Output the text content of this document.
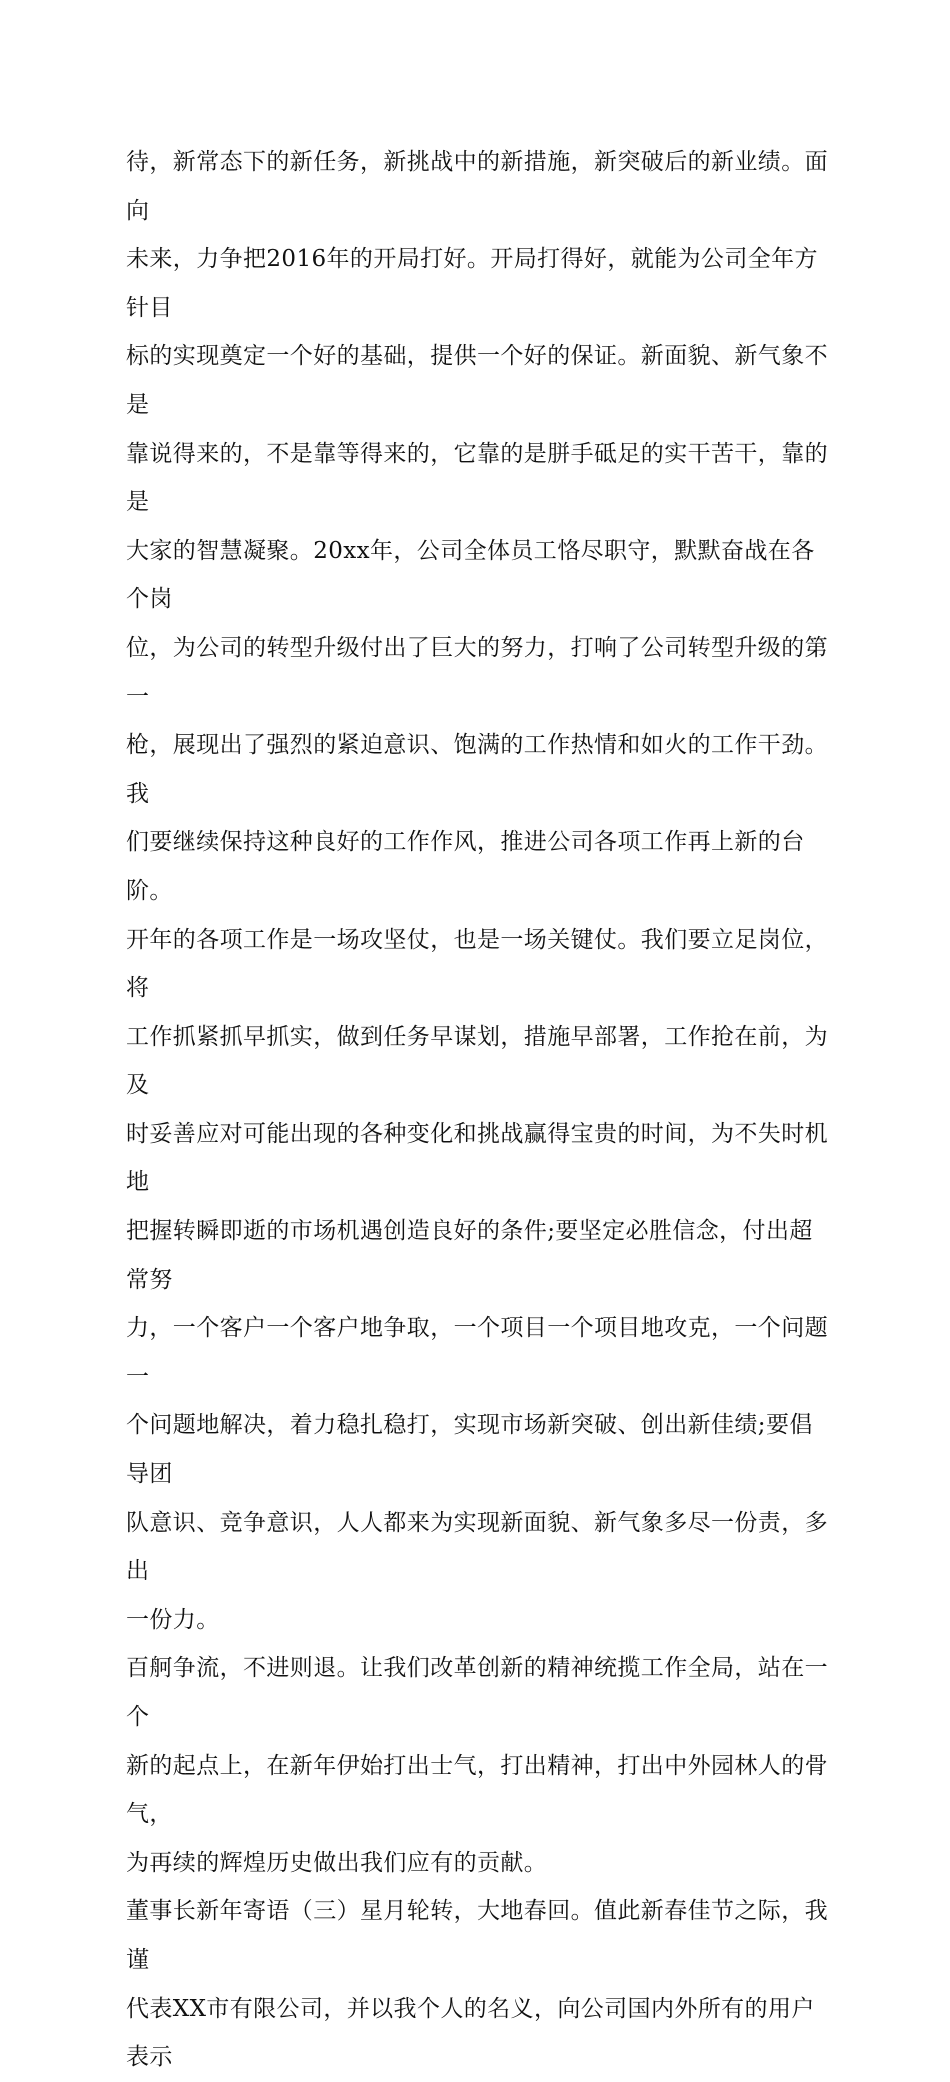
待，新常态下的新任务，新挑战中的新措施，新突破后的新业绩。面向
未来，力争把2016年的开局打好。开局打得好，就能为公司全年方针目
标的实现奠定一个好的基础，提供一个好的保证。新面貌、新气象不是
靠说得来的，不是靠等得来的，它靠的是胼手砥足的实干苦干，靠的是
大家的智慧凝聚。20xx年，公司全体员工恪尽职守，默默奋战在各个岗
位，为公司的转型升级付出了巨大的努力，打响了公司转型升级的第一
枪，展现出了强烈的紧迫意识、饱满的工作热情和如火的工作干劲。我
们要继续保持这种良好的工作作风，推进公司各项工作再上新的台阶。

开年的各项工作是一场攻坚仗，也是一场关键仗。我们要立足岗位，将
工作抓紧抓早抓实，做到任务早谋划，措施早部署，工作抢在前，为及
时妥善应对可能出现的各种变化和挑战赢得宝贵的时间，为不失时机地
把握转瞬即逝的市场机遇创造良好的条件;要坚定必胜信念，付出超常努
力，一个客户一个客户地争取，一个项目一个项目地攻克，一个问题一
个问题地解决，着力稳扎稳打，实现市场新突破、创出新佳绩;要倡导团
队意识、竞争意识，人人都来为实现新面貌、新气象多尽一份责，多出
一份力。

百舸争流，不进则退。让我们改革创新的精神统揽工作全局，站在一个
新的起点上，在新年伊始打出士气，打出精神，打出中外园林人的骨气，
为再续的辉煌历史做出我们应有的贡献。

董事长新年寄语（三）星月轮转，大地春回。值此新春佳节之际，我谨
代表XX市有限公司，并以我个人的名义，向公司国内外所有的用户表示
